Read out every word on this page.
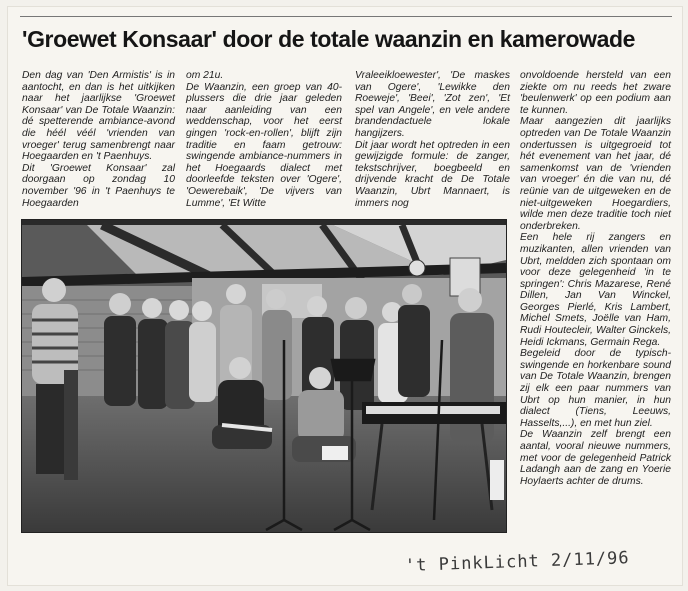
'Groewet Konsaar' door de totale waanzin en kamerowade

Den dag van 'Den Armistis' is in aantocht, en dan is het uitkijken naar het jaarlijkse 'Groewet Konsaar' van De Totale Waanzin: dé spetterende ambiance-avond die héél véél 'vrienden van vroeger' terug samenbrengt naar Hoegaarden en 't Paenhuys.

Dit 'Groewet Konsaar' zal doorgaan op zondag 10 november '96 in 't Paenhuys te Hoegaarden

om 21u.

De Waanzin, een groep van 40-plussers die drie jaar geleden naar aanleiding van een weddenschap, voor het eerst gingen 'rock-en-rollen', blijft zijn traditie en faam getrouw: swingende ambiance-nummers in het Hoegaards dialect met doorleefde teksten over 'Ogere', 'Oewerebaik', 'De vijvers van Lumme', 'Et Witte

Vraleeikloewester', 'De maskes van Ogere', 'Lewikke den Roeweje', 'Beei', 'Zot zen', 'Et spel van Angele', en vele andere brandendactuele lokale hangijzers.

Dit jaar wordt het optreden in een gewijzigde formule: de zanger, tekstschrijver, boegbeeld en drijvende kracht de De Totale Waanzin, Ubrt Mannaert, is immers nog

onvoldoende hersteld van een ziekte om nu reeds het zware 'beulenwerk' op een podium aan te kunnen.

Maar aangezien dit jaarlijks optreden van De Totale Waanzin ondertussen is uitgegroeid tot hét evenement van het jaar, dé samenkomst van de 'vrienden van vroeger' én die van nu, dé reünie van de uitgeweken en de niet-uitgeweken Hoegardiers, wilde men deze traditie toch niet onderbreken.

Een hele rij zangers en muzikanten, allen vrienden van Ubrt, meldden zich spontaan om voor deze gelegenheid 'in te springen': Chris Mazarese, René Dillen, Jan Van Winckel, Georges Pierlé, Kris Lambert, Michel Smets, Joëlle van Ham, Rudi Houtecleir, Walter Ginckels, Heidi Ickmans, Germain Rega.

Begeleid door de typisch-swingende en horkenbare sound van De Totale Waanzin, brengen zij elk een paar nummers van Ubrt op hun manier, in hun dialect (Tiens, Leeuws, Hasselts,...), en met hun ziel.

De Waanzin zelf brengt een aantal, vooral nieuwe nummers, met voor de gelegenheid Patrick Ladangh aan de zang en Yoerie Hoylaerts achter de drums.

't PinkLicht 2/11/96
